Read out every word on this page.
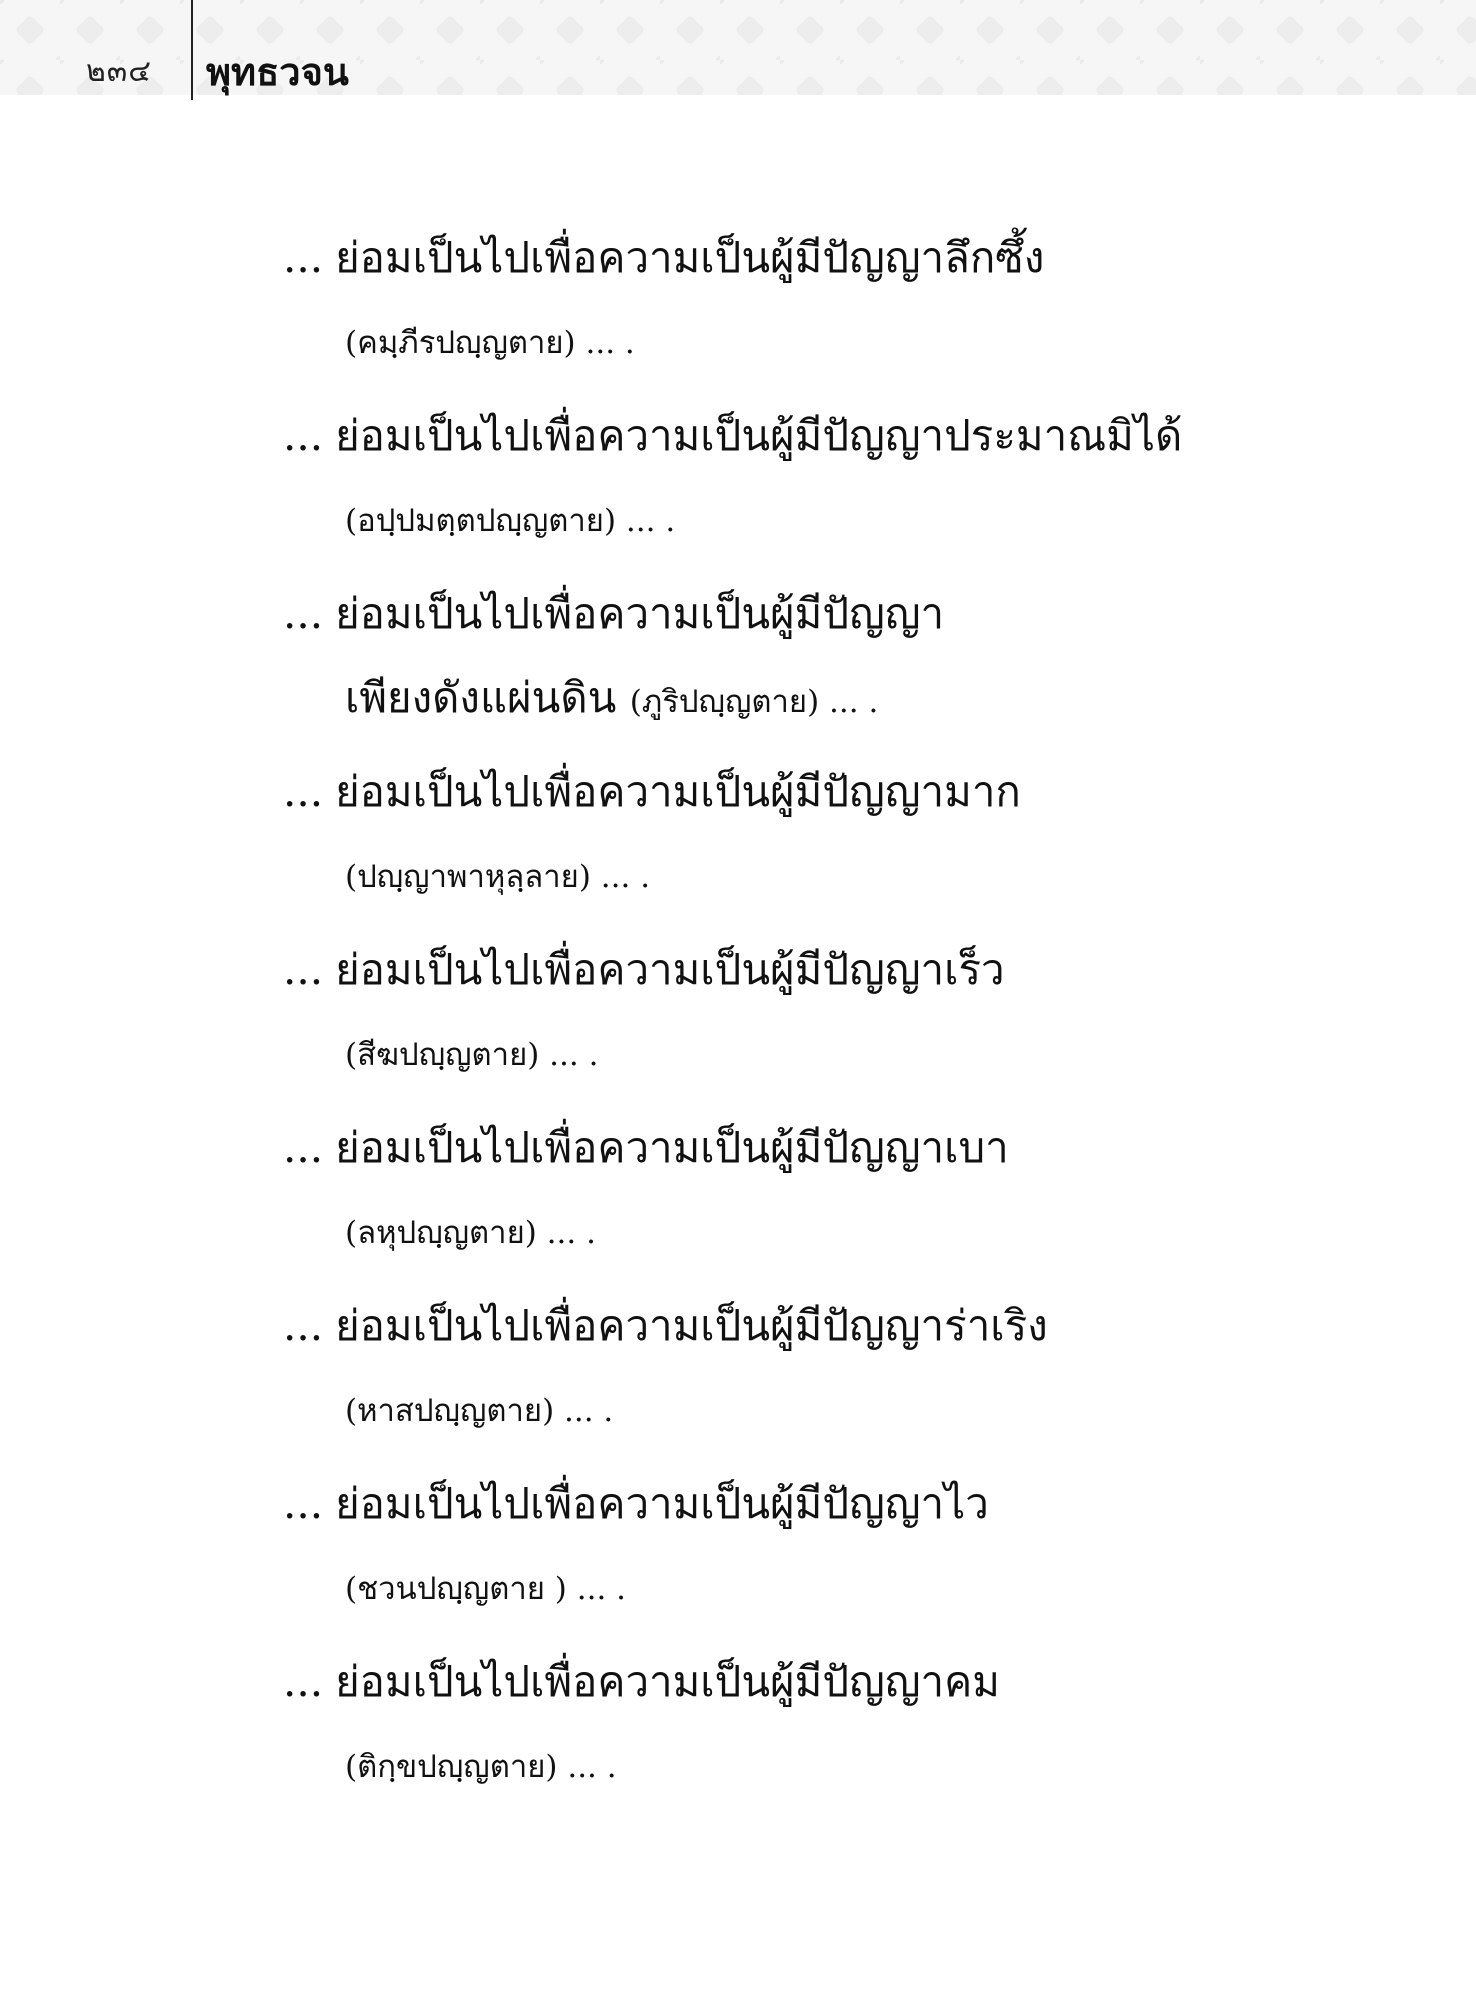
๒๓๔ พุทธวจน
... ย่อมเป็นไปเพื่อความเป็นผู้มีปัญญาลึกซึ้ง
(คมฺภีรปญฺญตาย) ... .
... ย่อมเป็นไปเพื่อความเป็นผู้มีปัญญาประมาณมิได้
(อปฺปมตฺตปญฺญตาย) ... .
... ย่อมเป็นไปเพื่อความเป็นผู้มีปัญญา
เพียงดังแผ่นดิน (ภูริปญฺญตาย) ... .
... ย่อมเป็นไปเพื่อความเป็นผู้มีปัญญามาก
(ปญฺญาพาหุลฺลาย) ... .
... ย่อมเป็นไปเพื่อความเป็นผู้มีปัญญาเร็ว
(สีฆปญฺญตาย) ... .
... ย่อมเป็นไปเพื่อความเป็นผู้มีปัญญาเบา
(ลหุปญฺญตาย) ... .
... ย่อมเป็นไปเพื่อความเป็นผู้มีปัญญาร่าเริง
(หาสปญฺญตาย) ... .
... ย่อมเป็นไปเพื่อความเป็นผู้มีปัญญาไว
(ชวนปญฺญตาย ) ... .
... ย่อมเป็นไปเพื่อความเป็นผู้มีปัญญาคม
(ติกฺขปญฺญตาย) ... .
